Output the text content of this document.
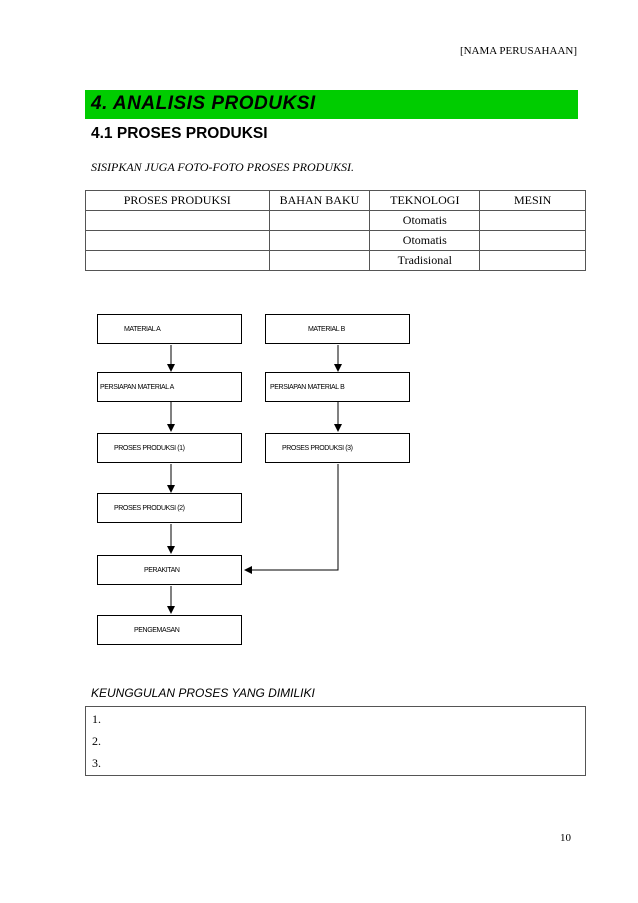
[NAMA PERUSAHAAN]
4. ANALISIS PRODUKSI
4.1 PROSES PRODUKSI
SISIPKAN JUGA FOTO-FOTO PROSES PRODUKSI.
PROSES PRODUKSI	BAHAN BAKU	TEKNOLOGI	MESIN
		Otomatis	
		Otomatis	
		Tradisional	
MATERIAL A	MATERIAL B
PERSIAPAN MATERIAL A	PERSIAPAN MATERIAL B
PROSES PRODUKSI (1)	PROSES PRODUKSI (3)
PROSES PRODUKSI (2)
PERAKITAN
PENGEMASAN
KEUNGGULAN PROSES YANG DIMILIKI
1.
2.
3.
10
